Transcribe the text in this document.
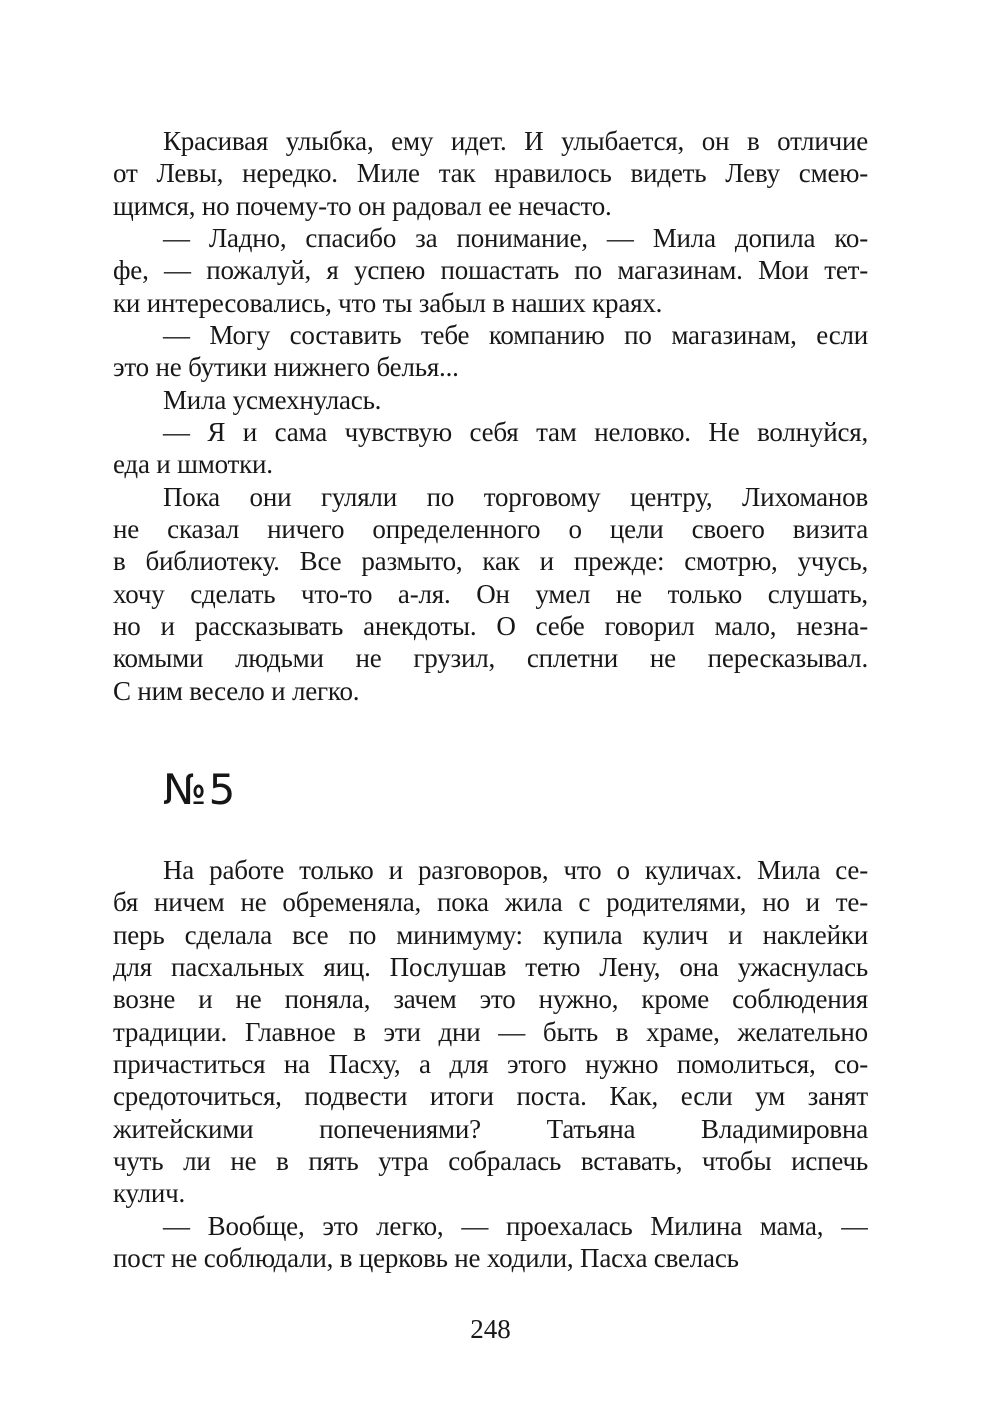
Красивая улыбка, ему идет. И улыбается, он в отличие
от Левы, нередко. Миле так нравилось видеть Леву смею-
щимся, но почему-то он радовал ее нечасто.
— Ладно, спасибо за понимание, — Мила допила ко-
фе, — пожалуй, я успею пошастать по магазинам. Мои тет-
ки интересовались, что ты забыл в наших краях.
— Могу составить тебе компанию по магазинам, если
это не бутики нижнего белья...
Мила усмехнулась.
— Я и сама чувствую себя там неловко. Не волнуйся,
еда и шмотки.
Пока они гуляли по торговому центру, Лихоманов
не сказал ничего определенного о цели своего визита
в библиотеку. Все размыто, как и прежде: смотрю, учусь,
хочу сделать что-то а-ля. Он умел не только слушать,
но и рассказывать анекдоты. О себе говорил мало, незна-
комыми людьми не грузил, сплетни не пересказывал.
С ним весело и легко.
№5
На работе только и разговоров, что о куличах. Мила се-
бя ничем не обременяла, пока жила с родителями, но и те-
перь сделала все по минимуму: купила кулич и наклейки
для пасхальных яиц. Послушав тетю Лену, она ужаснулась
возне и не поняла, зачем это нужно, кроме соблюдения
традиции. Главное в эти дни — быть в храме, желательно
причаститься на Пасху, а для этого нужно помолиться, со-
средоточиться, подвести итоги поста. Как, если ум занят
житейскими попечениями? Татьяна Владимировна
чуть ли не в пять утра собралась вставать, чтобы испечь
кулич.
— Вообще, это легко, — проехалась Милина мама, —
пост не соблюдали, в церковь не ходили, Пасха свелась
248
